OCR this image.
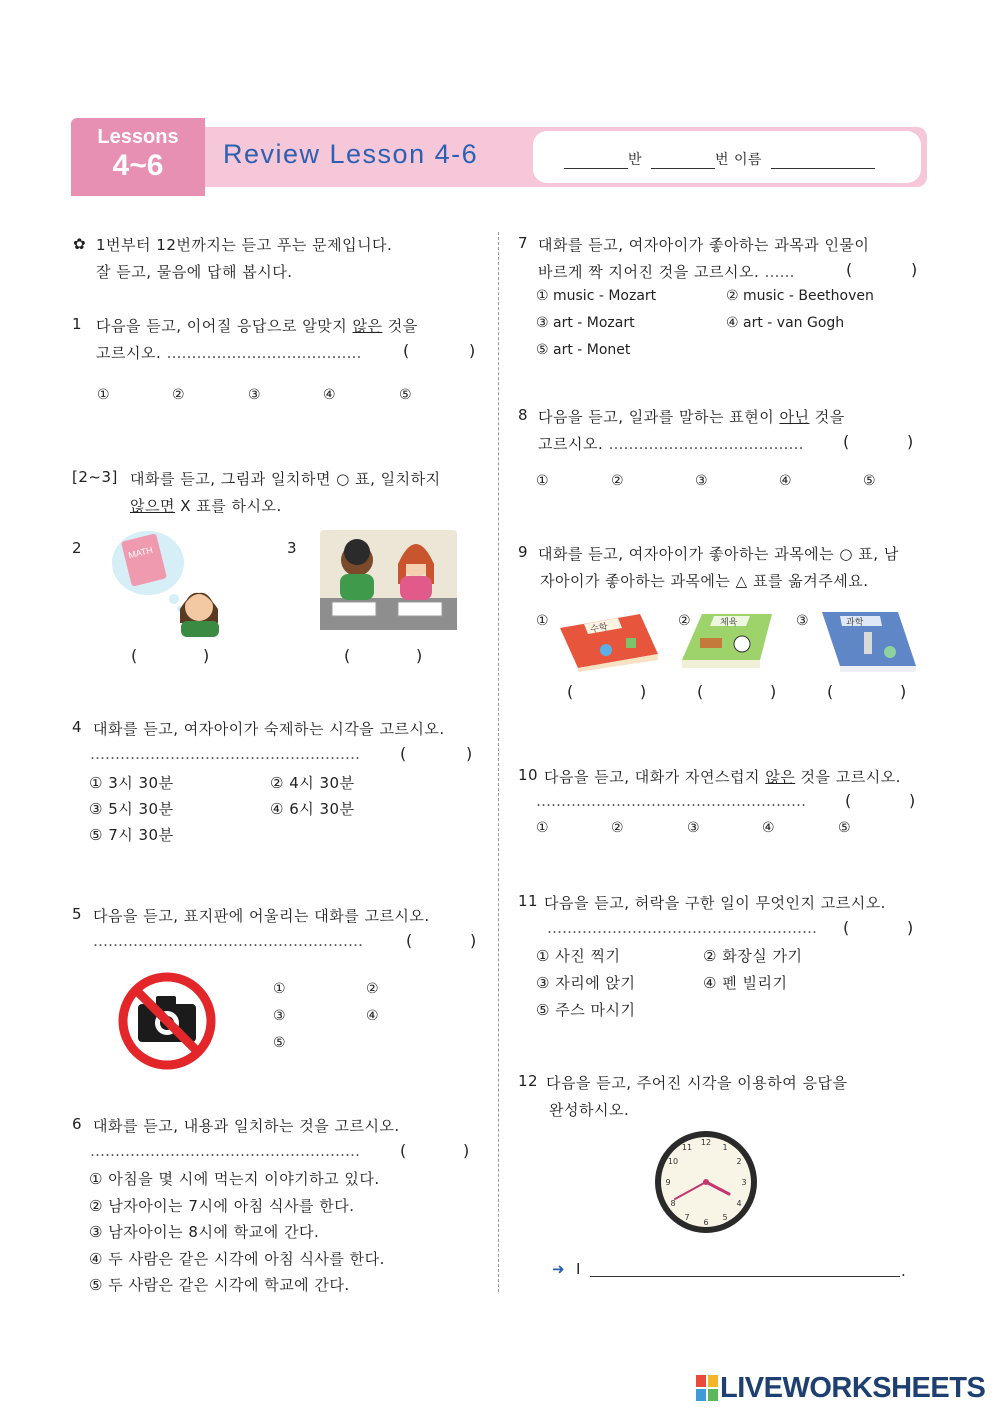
Lessons
4~6	Review Lesson 4-6	반	번 이름
✿ 1번부터 12번까지는 듣고 푸는 문제입니다.
잘 듣고, 물음에 답해 봅시다.
1 다음을 듣고, 이어질 응답으로 알맞지 않은 것을
고르시오. …………………………………	(	)
①	②	③	④	⑤
[2~3] 대화를 듣고, 그림과 일치하면 ○ 표, 일치하지
않으면 X 표를 하시오.
2	MATH
(	)
3
(	)
4 대화를 듣고, 여자아이가 숙제하는 시각을 고르시오.
………………………………………………	(	)
① 3시 30분	② 4시 30분
③ 5시 30분	④ 6시 30분
⑤ 7시 30분
5 다음을 듣고, 표지판에 어울리는 대화를 고르시오.
………………………………………………	(	)
①	②
③	④
⑤
6 대화를 듣고, 내용과 일치하는 것을 고르시오.
………………………………………………	(	)
① 아침을 몇 시에 먹는지 이야기하고 있다.
② 남자아이는 7시에 아침 식사를 한다.
③ 남자아이는 8시에 학교에 간다.
④ 두 사람은 같은 시각에 아침 식사를 한다.
⑤ 두 사람은 같은 시각에 학교에 간다.
7 대화를 듣고, 여자아이가 좋아하는 과목과 인물이
바르게 짝 지어진 것을 고르시오. ……	(	)
① music - Mozart	② music - Beethoven
③ art - Mozart	④ art - van Gogh
⑤ art - Monet
8 다음을 듣고, 일과를 말하는 표현이 아닌 것을
고르시오. ………………………………… (	)
①	②	③	④	⑤
9 대화를 듣고, 여자아이가 좋아하는 과목에는 ○ 표, 남
자아이가 좋아하는 과목에는 △ 표를 옮겨주세요.
①	수학	②	체육	③	과학
(	)	(	)	(	)
10 다음을 듣고, 대화가 자연스럽지 않은 것을 고르시오.
……………………………………………… (	)
①	②	③	④	⑤
11 다음을 듣고, 허락을 구한 일이 무엇인지 고르시오.
……………………………………………… (	)
① 사진 찍기	② 화장실 가기
③ 자리에 앉기	④ 펜 빌리기
⑤ 주스 마시기
12 다음을 듣고, 주어진 시각을 이용하여 응답을
완성하시오.
12
1
2
3
4
5
6
7
8
9
10
11
➜ I	.
LIVEWORKSHEETS
